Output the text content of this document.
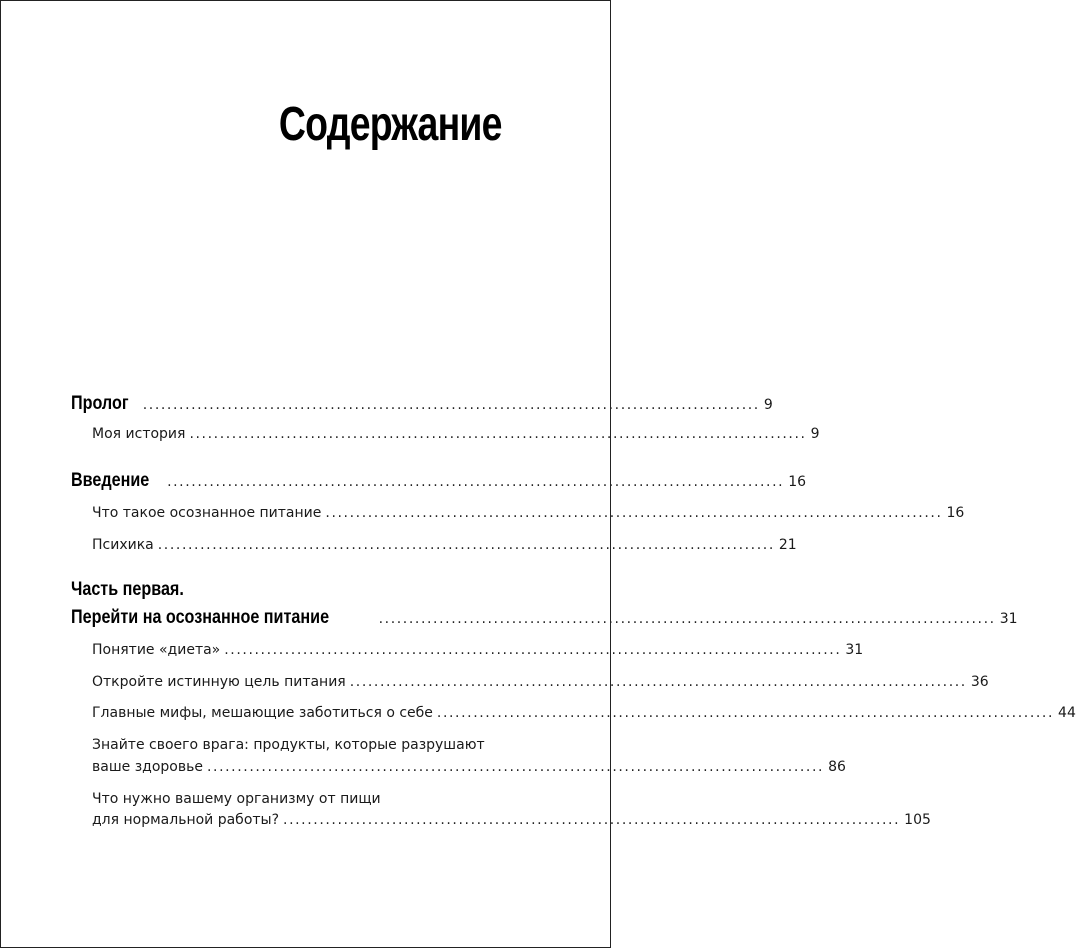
Содержание
Пролог ...................................................................................................... 9
Моя история ...................................................................................................... 9
Введение ...................................................................................................... 16
Что такое осознанное питание ...................................................................................................... 16
Психика ...................................................................................................... 21
Часть первая.
Перейти на осознанное питание	...................................................................................................... 31
Понятие «диета» ...................................................................................................... 31
Откройте истинную цель питания ...................................................................................................... 36
Главные мифы, мешающие заботиться о себе ...................................................................................................... 44
Знайте своего врага: продукты, которые разрушают
ваше здоровье ...................................................................................................... 86
Что нужно вашему организму от пищи
для нормальной работы? ...................................................................................................... 105
